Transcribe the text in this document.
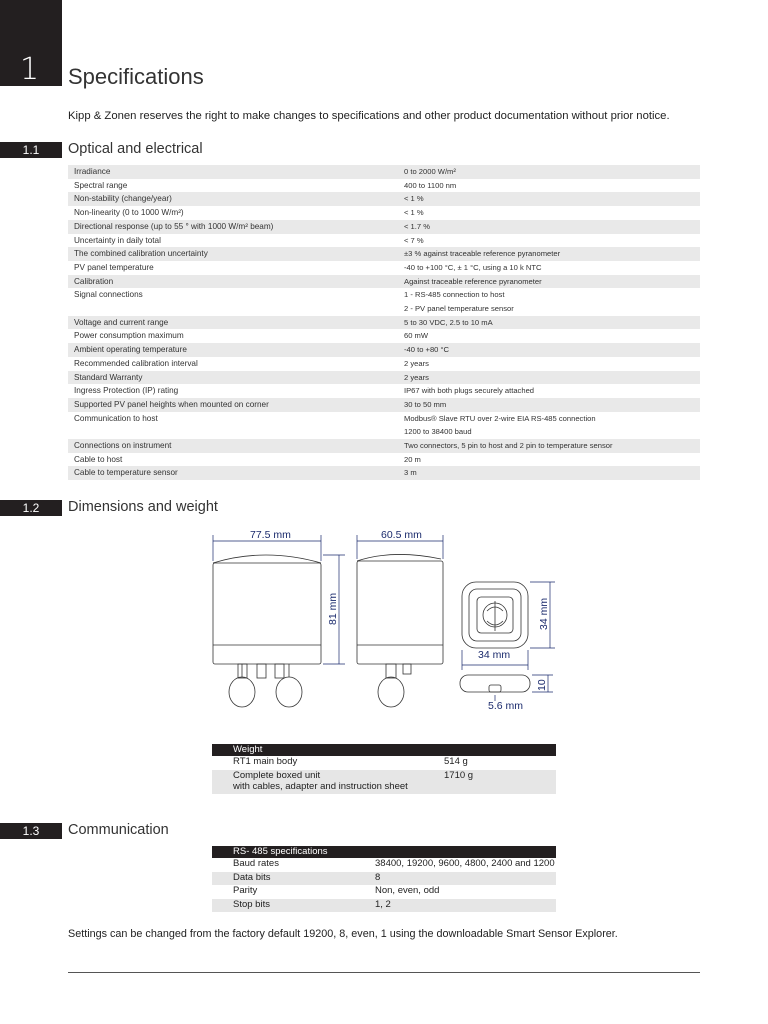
1 Specifications
Kipp & Zonen reserves the right to make changes to specifications and other product documentation without prior notice.
1.1	Optical and electrical
Irradiance	0 to 2000 W/m²
Spectral range	400 to 1100 nm
Non-stability (change/year)	< 1 %
Non-linearity (0 to 1000 W/m²)	< 1 %
Directional response (up to 55 ° with 1000 W/m² beam)	< 1.7 %
Uncertainty in daily total	< 7 %
The combined calibration uncertainty	±3 % against traceable reference pyranometer
PV panel temperature	-40 to +100 °C, ± 1 °C, using a 10 k NTC
Calibration	Against traceable reference pyranometer
Signal connections	1 - RS-485 connection to host
2 - PV panel temperature sensor

Voltage and current range	5 to 30 VDC, 2.5 to 10 mA
Power consumption maximum	60 mW
Ambient operating temperature	-40 to +80 °C
Recommended calibration interval	2 years
Standard Warranty	2 years
Ingress Protection (IP) rating	IP67 with both plugs securely attached
Supported PV panel heights when mounted on corner	30 to 50 mm
Communication to host	Modbus® Slave RTU over 2-wire EIA RS-485 connection
1200 to 38400 baud

Connections on instrument	Two connectors, 5 pin to host and 2 pin to temperature sensor
Cable to host	20 m
Cable to temperature sensor	3 m
1.2	Dimensions and weight
77.5 mm	60.5 mm
81 mm	34 mm
34 mm
10
5.6 mm
Weight	
RT1 main body	514 g
Complete boxed unit
with cables, adapter and instruction sheet	1710 g
1.3	Communication
RS- 485 specifications	
Baud rates	38400, 19200, 9600, 4800, 2400 and 1200
Data bits	8
Parity	Non, even, odd
Stop bits	1, 2
Settings can be changed from the factory default 19200, 8, even, 1 using the downloadable Smart Sensor Explorer.
